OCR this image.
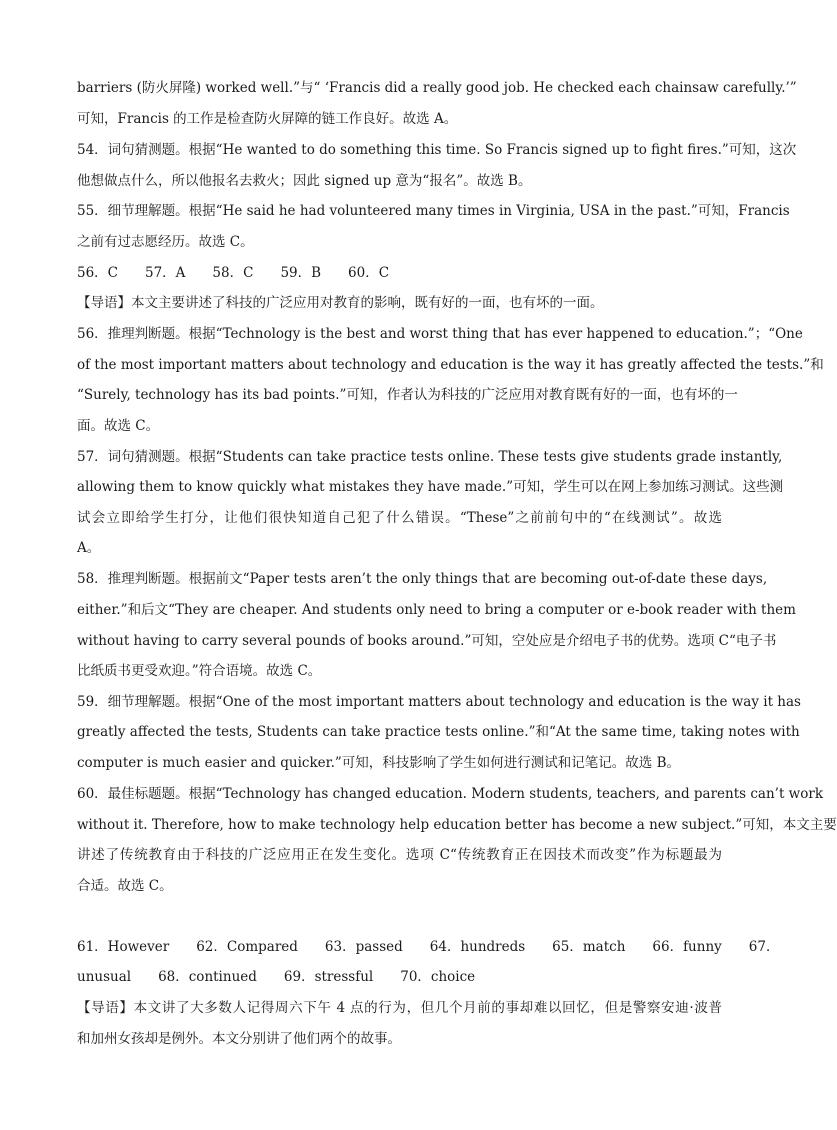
barriers (防火屏隆) worked well.”与“ ‘Francis did a really good job. He checked each chainsaw carefully.’”
可知，Francis 的工作是检查防火屏障的链工作良好。故选 A。
54．词句猜测题。根据“He wanted to do something this time. So Francis signed up to fight fires.”可知，这次
他想做点什么，所以他报名去救火；因此 signed up 意为“报名”。故选 B。
55．细节理解题。根据“He said he had volunteered many times in Virginia, USA in the past.”可知，Francis
之前有过志愿经历。故选 C。
56．C　　57．A　　58．C　　59．B　　60．C
【导语】本文主要讲述了科技的广泛应用对教育的影响，既有好的一面，也有坏的一面。
56．推理判断题。根据“Technology is the best and worst thing that has ever happened to education.”；“One
of the most important matters about technology and education is the way it has greatly affected the tests.”和
“Surely, technology has its bad points.”可知，作者认为科技的广泛应用对教育既有好的一面，也有坏的一
面。故选 C。
57．词句猜测题。根据“Students can take practice tests online. These tests give students grade instantly,
allowing them to know quickly what mistakes they have made.”可知，学生可以在网上参加练习测试。这些测
试会立即给学生打分，让他们很快知道自己犯了什么错误。“These”之前前句中的“在线测试”。故选
A。
58．推理判断题。根据前文“Paper tests aren’t the only things that are becoming out-of-date these days,
either.”和后文“They are cheaper. And students only need to bring a computer or e-book reader with them
without having to carry several pounds of books around.”可知，空处应是介绍电子书的优势。选项 C“电子书
比纸质书更受欢迎。”符合语境。故选 C。
59．细节理解题。根据“One of the most important matters about technology and education is the way it has
greatly affected the tests, Students can take practice tests online.”和“At the same time, taking notes with
computer is much easier and quicker.”可知，科技影响了学生如何进行测试和记笔记。故选 B。
60．最佳标题题。根据“Technology has changed education. Modern students, teachers, and parents can’t work
without it. Therefore, how to make technology help education better has become a new subject.”可知，本文主要
讲述了传统教育由于科技的广泛应用正在发生变化。选项 C“传统教育正在因技术而改变”作为标题最为
合适。故选 C。
61．However　　62．Compared　　63．passed　　64．hundreds　　65．match　　66．funny　　67．
unusual　　68．continued　　69．stressful　　70．choice
【导语】本文讲了大多数人记得周六下午 4 点的行为，但几个月前的事却难以回忆，但是警察安迪·波普
和加州女孩却是例外。本文分别讲了他们两个的故事。
